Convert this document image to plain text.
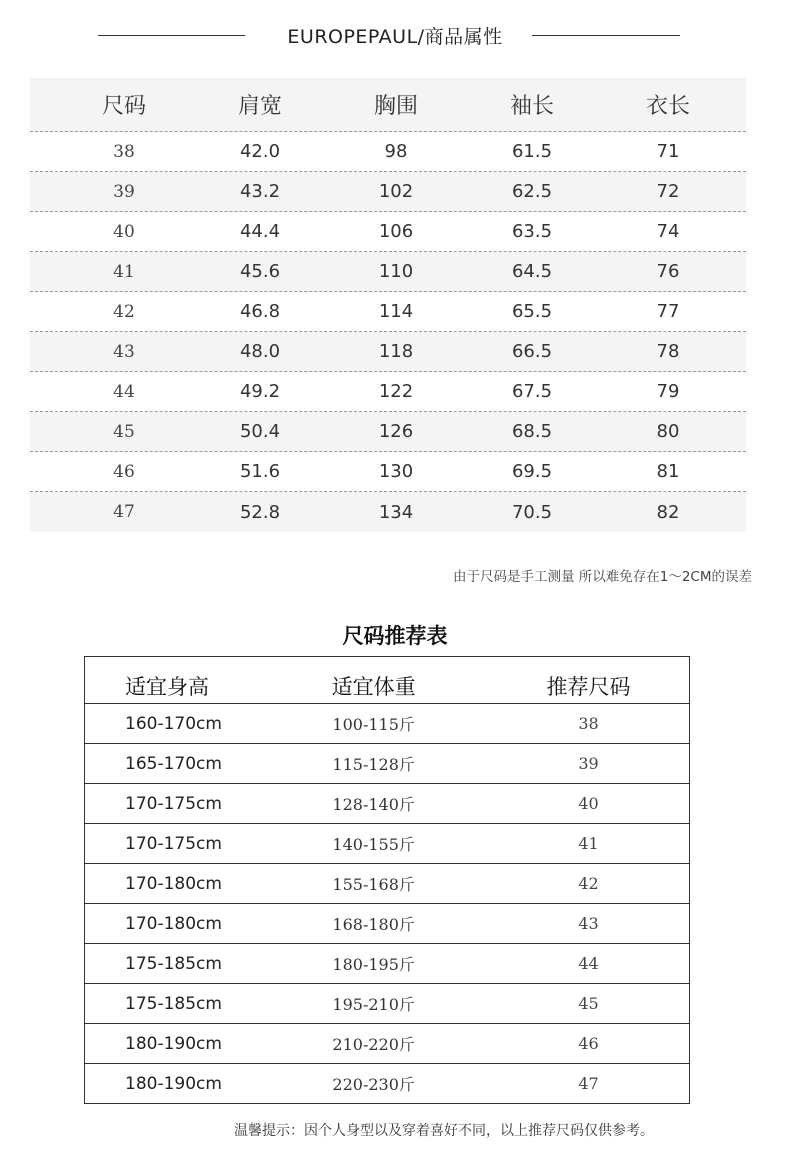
EUROPEPAUL/商品属性
尺码	肩宽	胸围	袖长	衣长
38	42.0	98	61.5	71
39	43.2	102	62.5	72
40	44.4	106	63.5	74
41	45.6	110	64.5	76
42	46.8	114	65.5	77
43	48.0	118	66.5	78
44	49.2	122	67.5	79
45	50.4	126	68.5	80
46	51.6	130	69.5	81
47	52.8	134	70.5	82
由于尺码是手工测量 所以难免存在1～2CM的误差
尺码推荐表
适宜身高	适宜体重	推荐尺码
160-170cm	100-115斤	38
165-170cm	115-128斤	39
170-175cm	128-140斤	40
170-175cm	140-155斤	41
170-180cm	155-168斤	42
170-180cm	168-180斤	43
175-185cm	180-195斤	44
175-185cm	195-210斤	45
180-190cm	210-220斤	46
180-190cm	220-230斤	47
温馨提示：因个人身型以及穿着喜好不同，以上推荐尺码仅供参考。
